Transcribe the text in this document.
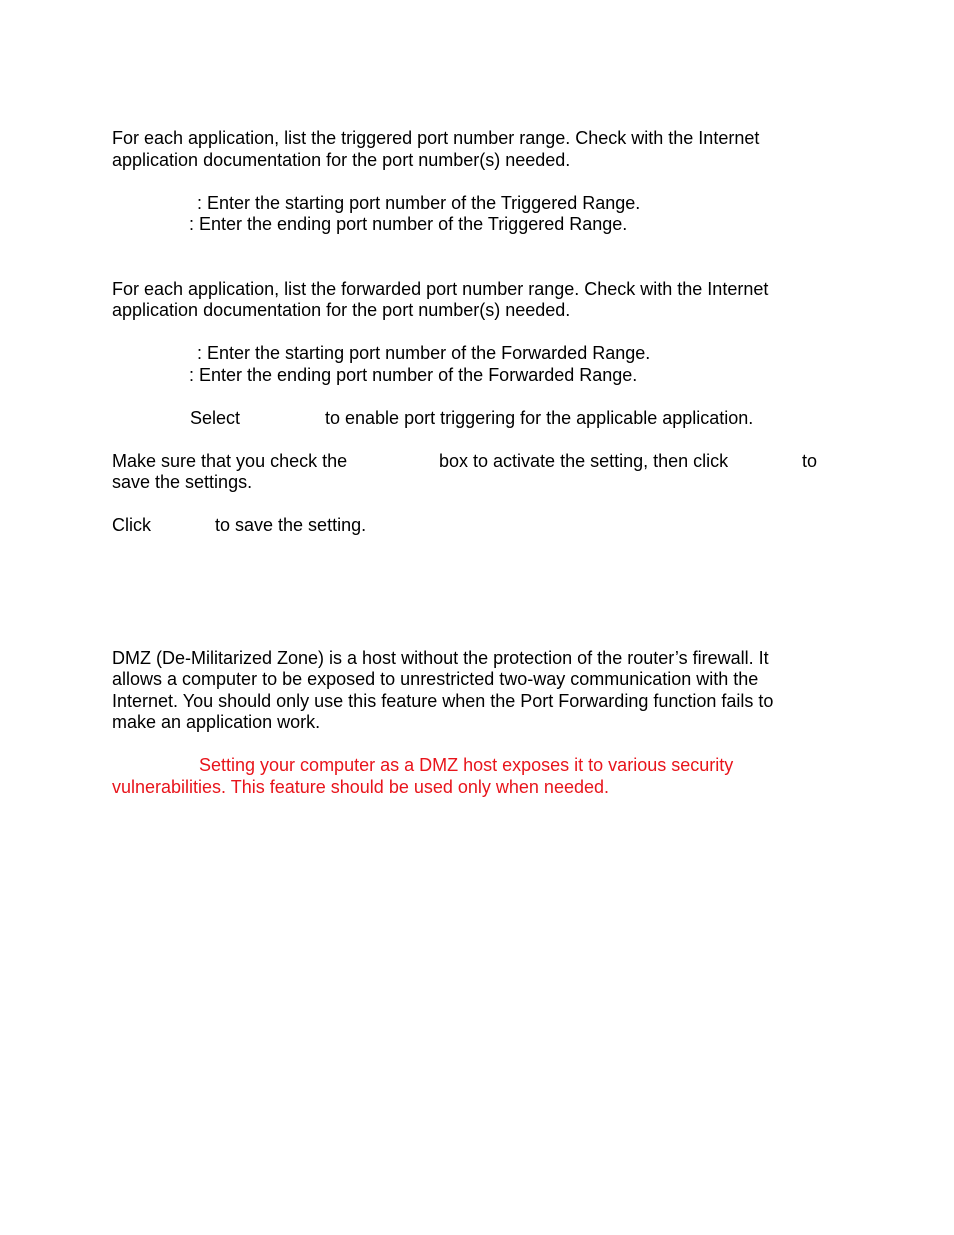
For each application, list the triggered port number range. Check with the Internet

application documentation for the port number(s) needed.

: Enter the starting port number of the Triggered Range.

: Enter the ending port number of the Triggered Range.

For each application, list the forwarded port number range. Check with the Internet

application documentation for the port number(s) needed.

: Enter the starting port number of the Forwarded Range.

: Enter the ending port number of the Forwarded Range.

Select	to enable port triggering for the applicable application.

Make sure that you check the	box to activate the setting, then click	to

save the settings.

Click	to save the setting.

DMZ (De-Militarized Zone) is a host without the protection of the router’s firewall. It

allows a computer to be exposed to unrestricted two-way communication with the

Internet. You should only use this feature when the Port Forwarding function fails to

make an application work.

Setting your computer as a DMZ host exposes it to various security

vulnerabilities. This feature should be used only when needed.
